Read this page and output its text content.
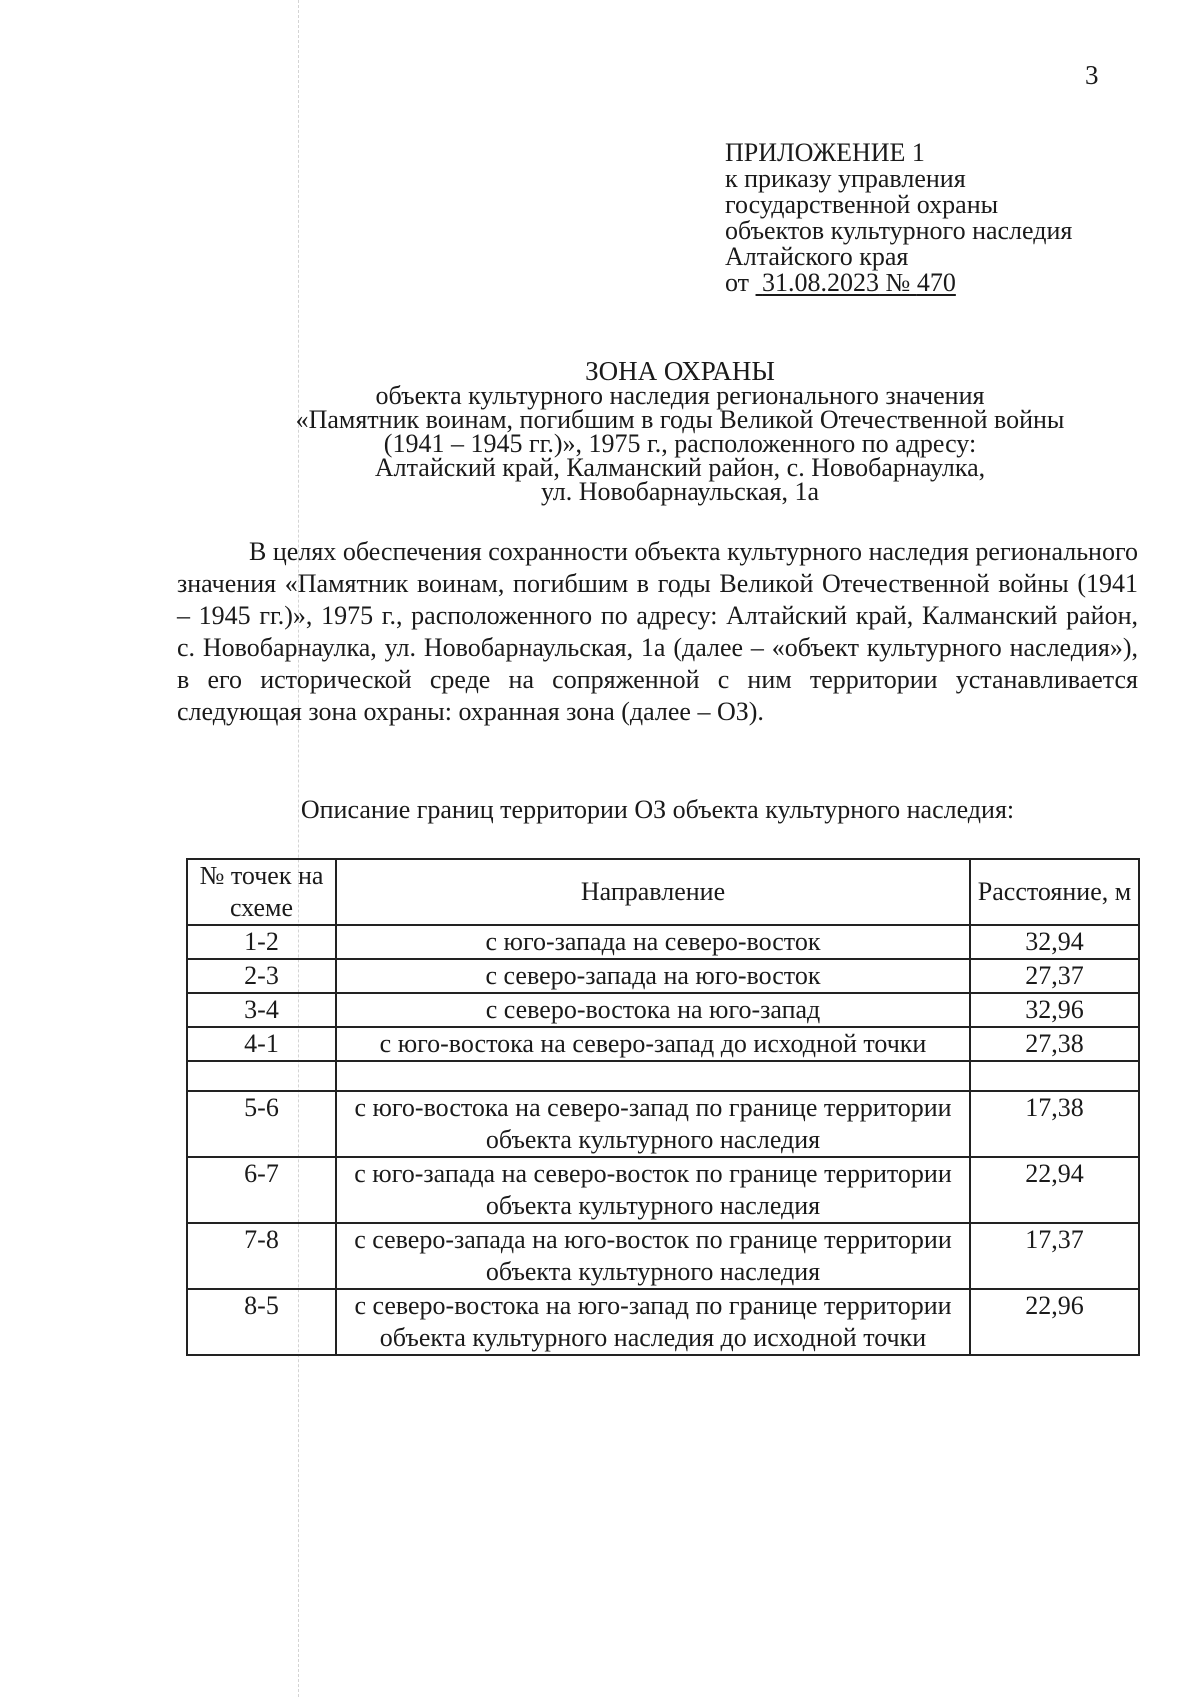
3
ПРИЛОЖЕНИЕ 1
к приказу управления
государственной охраны
объектов культурного наследия
Алтайского края
от  31.08.2023 № 470
ЗОНА ОХРАНЫ
объекта культурного наследия регионального значения
«Памятник воинам, погибшим в годы Великой Отечественной войны
(1941 – 1945 гг.)», 1975 г., расположенного по адресу:
Алтайский край, Калманский район, с. Новобарнаулка,
ул. Новобарнаульская, 1а
В целях обеспечения сохранности объекта культурного наследия регионального значения «Памятник воинам, погибшим в годы Великой Отечественной войны (1941 – 1945 гг.)», 1975 г., расположенного по адресу: Алтайский край, Калманский район, с. Новобарнаулка, ул. Новобарнаульская, 1а (далее – «объект культурного наследия»), в его исторической среде на сопряженной с ним территории устанавливается следующая зона охраны: охранная зона (далее – ОЗ).
Описание границ территории ОЗ объекта культурного наследия:
№ точек на схеме	Направление	Расстояние, м
1-2	с юго-запада на северо-восток	32,94
2-3	с северо-запада на юго-восток	27,37
3-4	с северо-востока на юго-запад	32,96
4-1	с юго-востока на северо-запад до исходной точки	27,38

5-6	с юго-востока на северо-запад по границе территории объекта культурного наследия	17,38
6-7	с юго-запада на северо-восток по границе территории объекта культурного наследия	22,94
7-8	с северо-запада на юго-восток по границе территории объекта культурного наследия	17,37
8-5	с северо-востока на юго-запад по границе территории объекта культурного наследия до исходной точки	22,96
